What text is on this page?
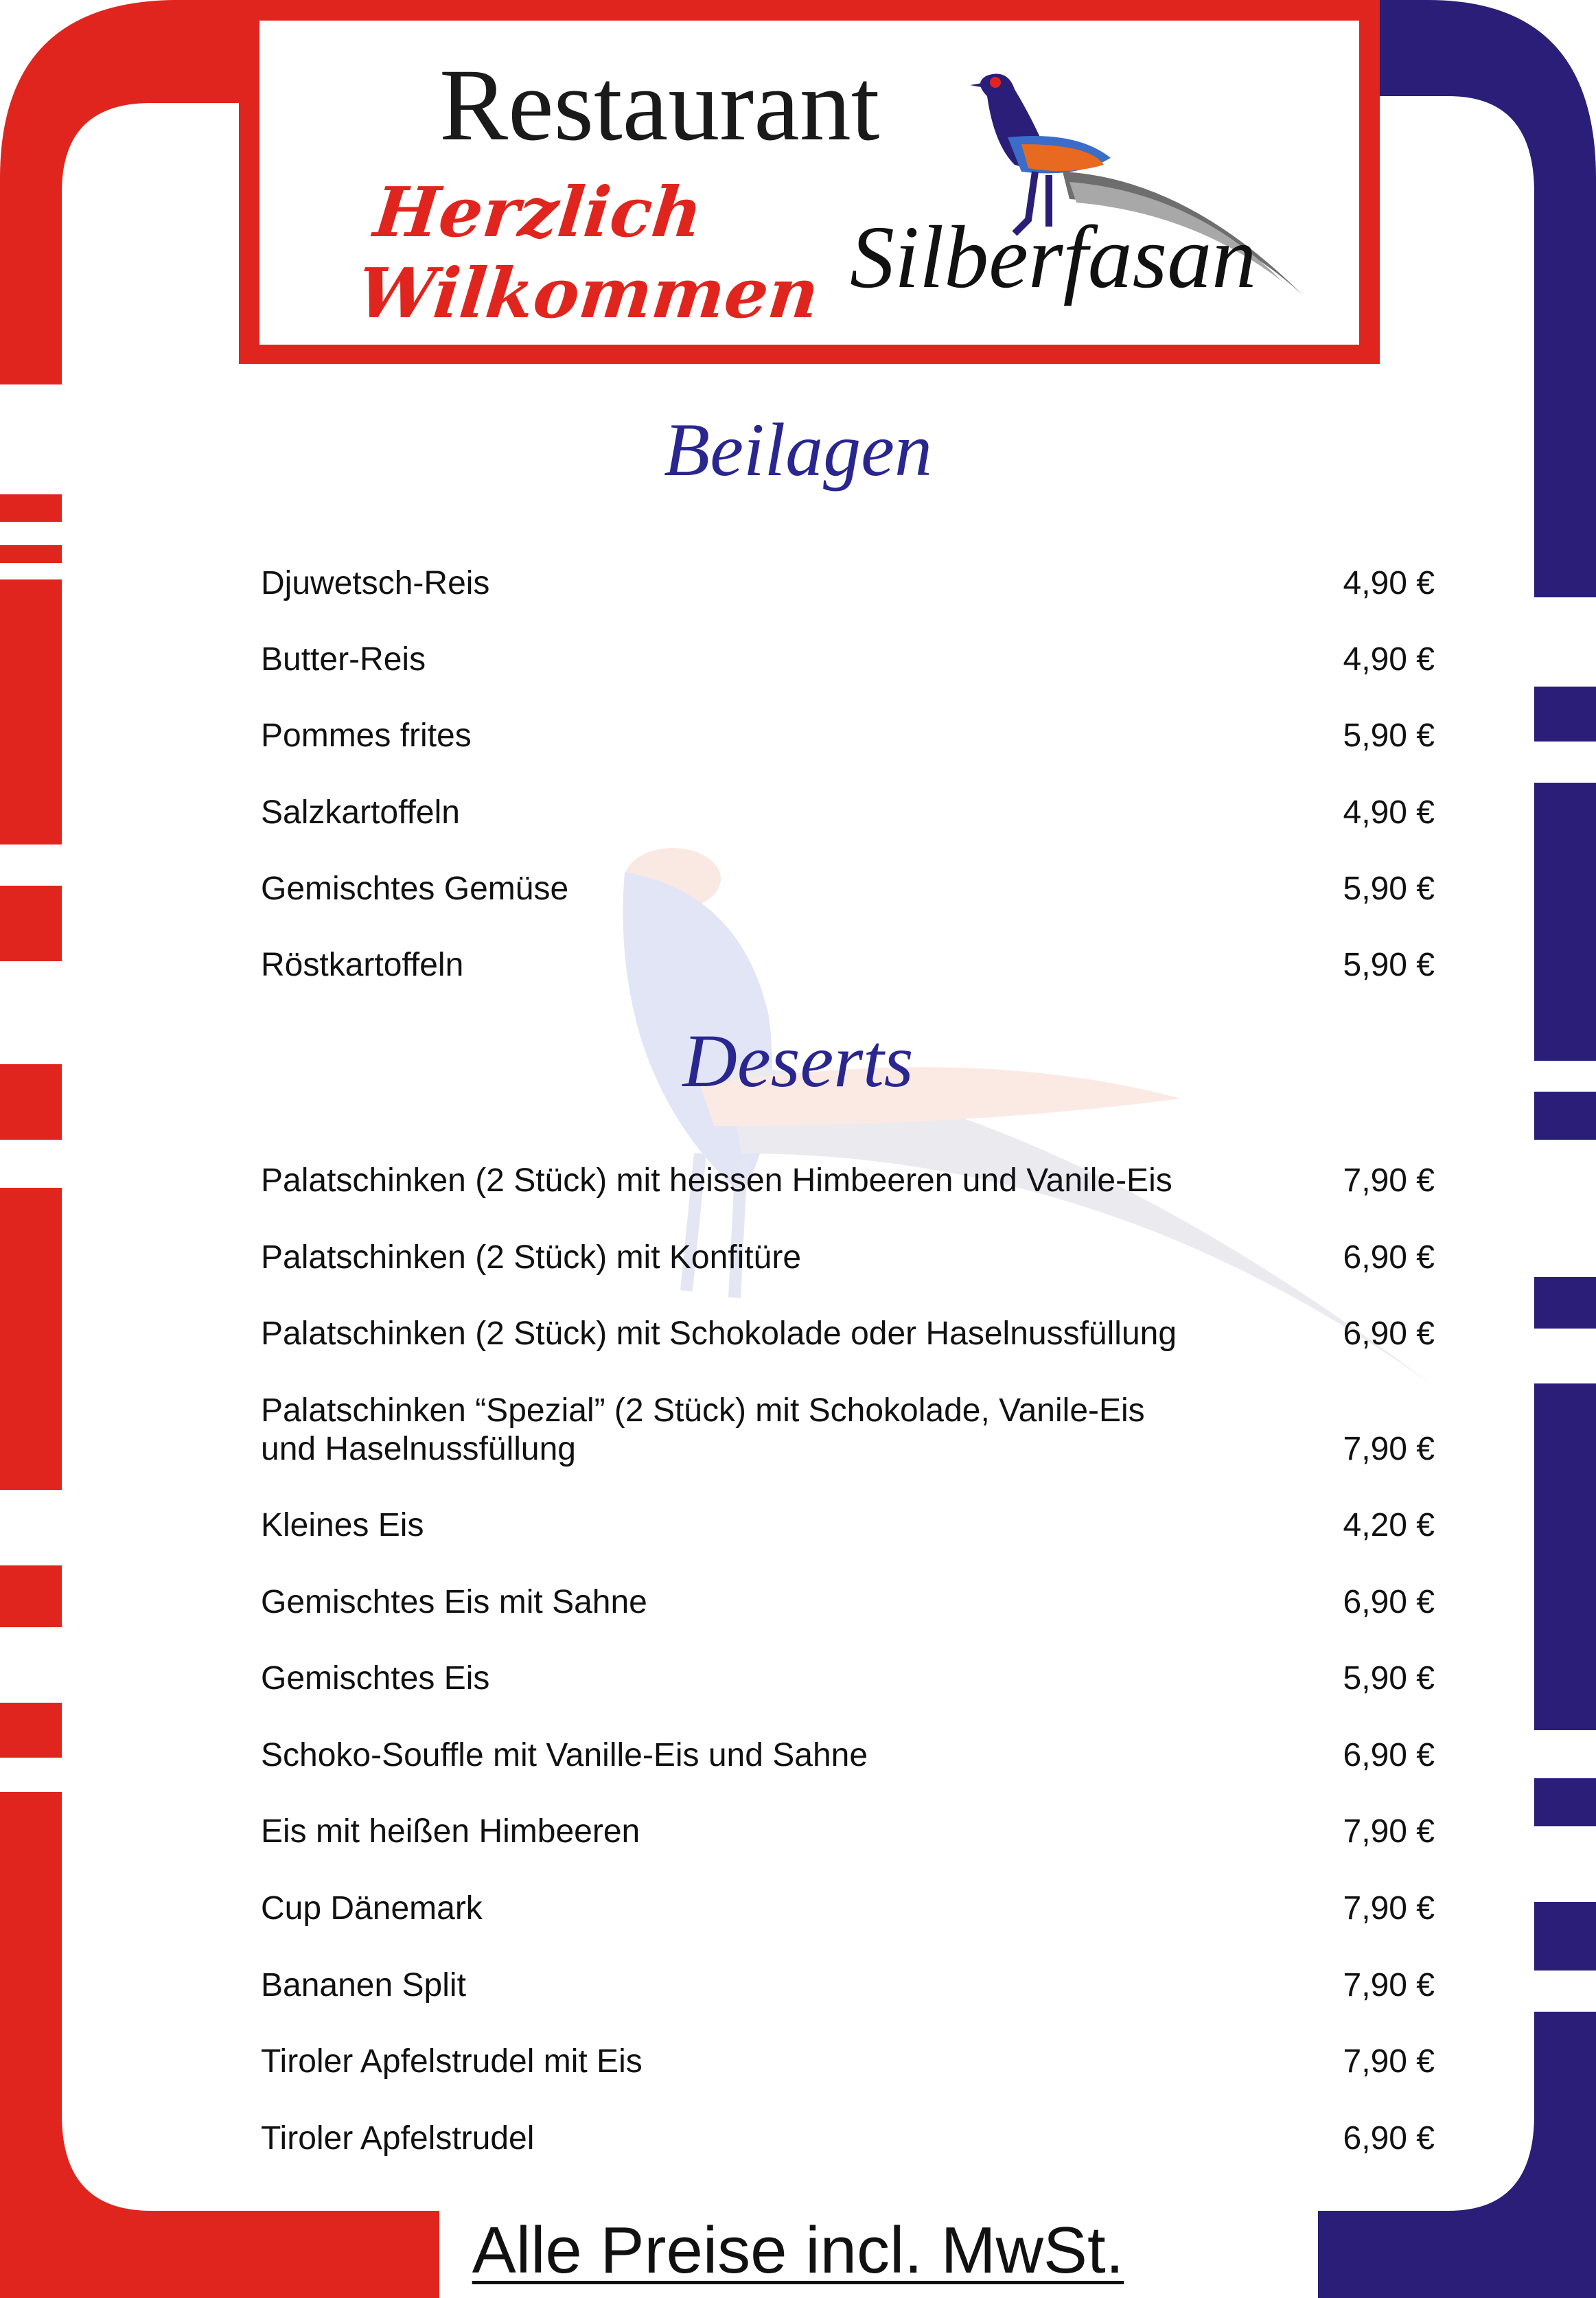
Restaurant
Herzlich
Wilkommen Silberfasan
Beilagen
Deserts
Djuwetsch-Reis	4,90 €
Butter-Reis	4,90 €
Pommes frites	5,90 €
Salzkartoffeln	4,90 €
Gemischtes Gemüse	5,90 €
Röstkartoffeln	5,90 €
Palatschinken (2 Stück) mit heissen Himbeeren und Vanile-Eis	7,90 €
Palatschinken (2 Stück) mit Konfitüre	6,90 €
Palatschinken (2 Stück) mit Schokolade oder Haselnussfüllung	6,90 €
Palatschinken “Spezial” (2 Stück) mit Schokolade, Vanile-Eis
und Haselnussfüllung	7,90 €
Kleines Eis	4,20 €
Gemischtes Eis mit Sahne	6,90 €
Gemischtes Eis	5,90 €
Schoko-Souffle mit Vanille-Eis und Sahne	6,90 €
Eis mit heißen Himbeeren	7,90 €
Cup Dänemark	7,90 €
Bananen Split	7,90 €
Tiroler Apfelstrudel mit Eis	7,90 €
Tiroler Apfelstrudel	6,90 €
Alle Preise incl. MwSt.
